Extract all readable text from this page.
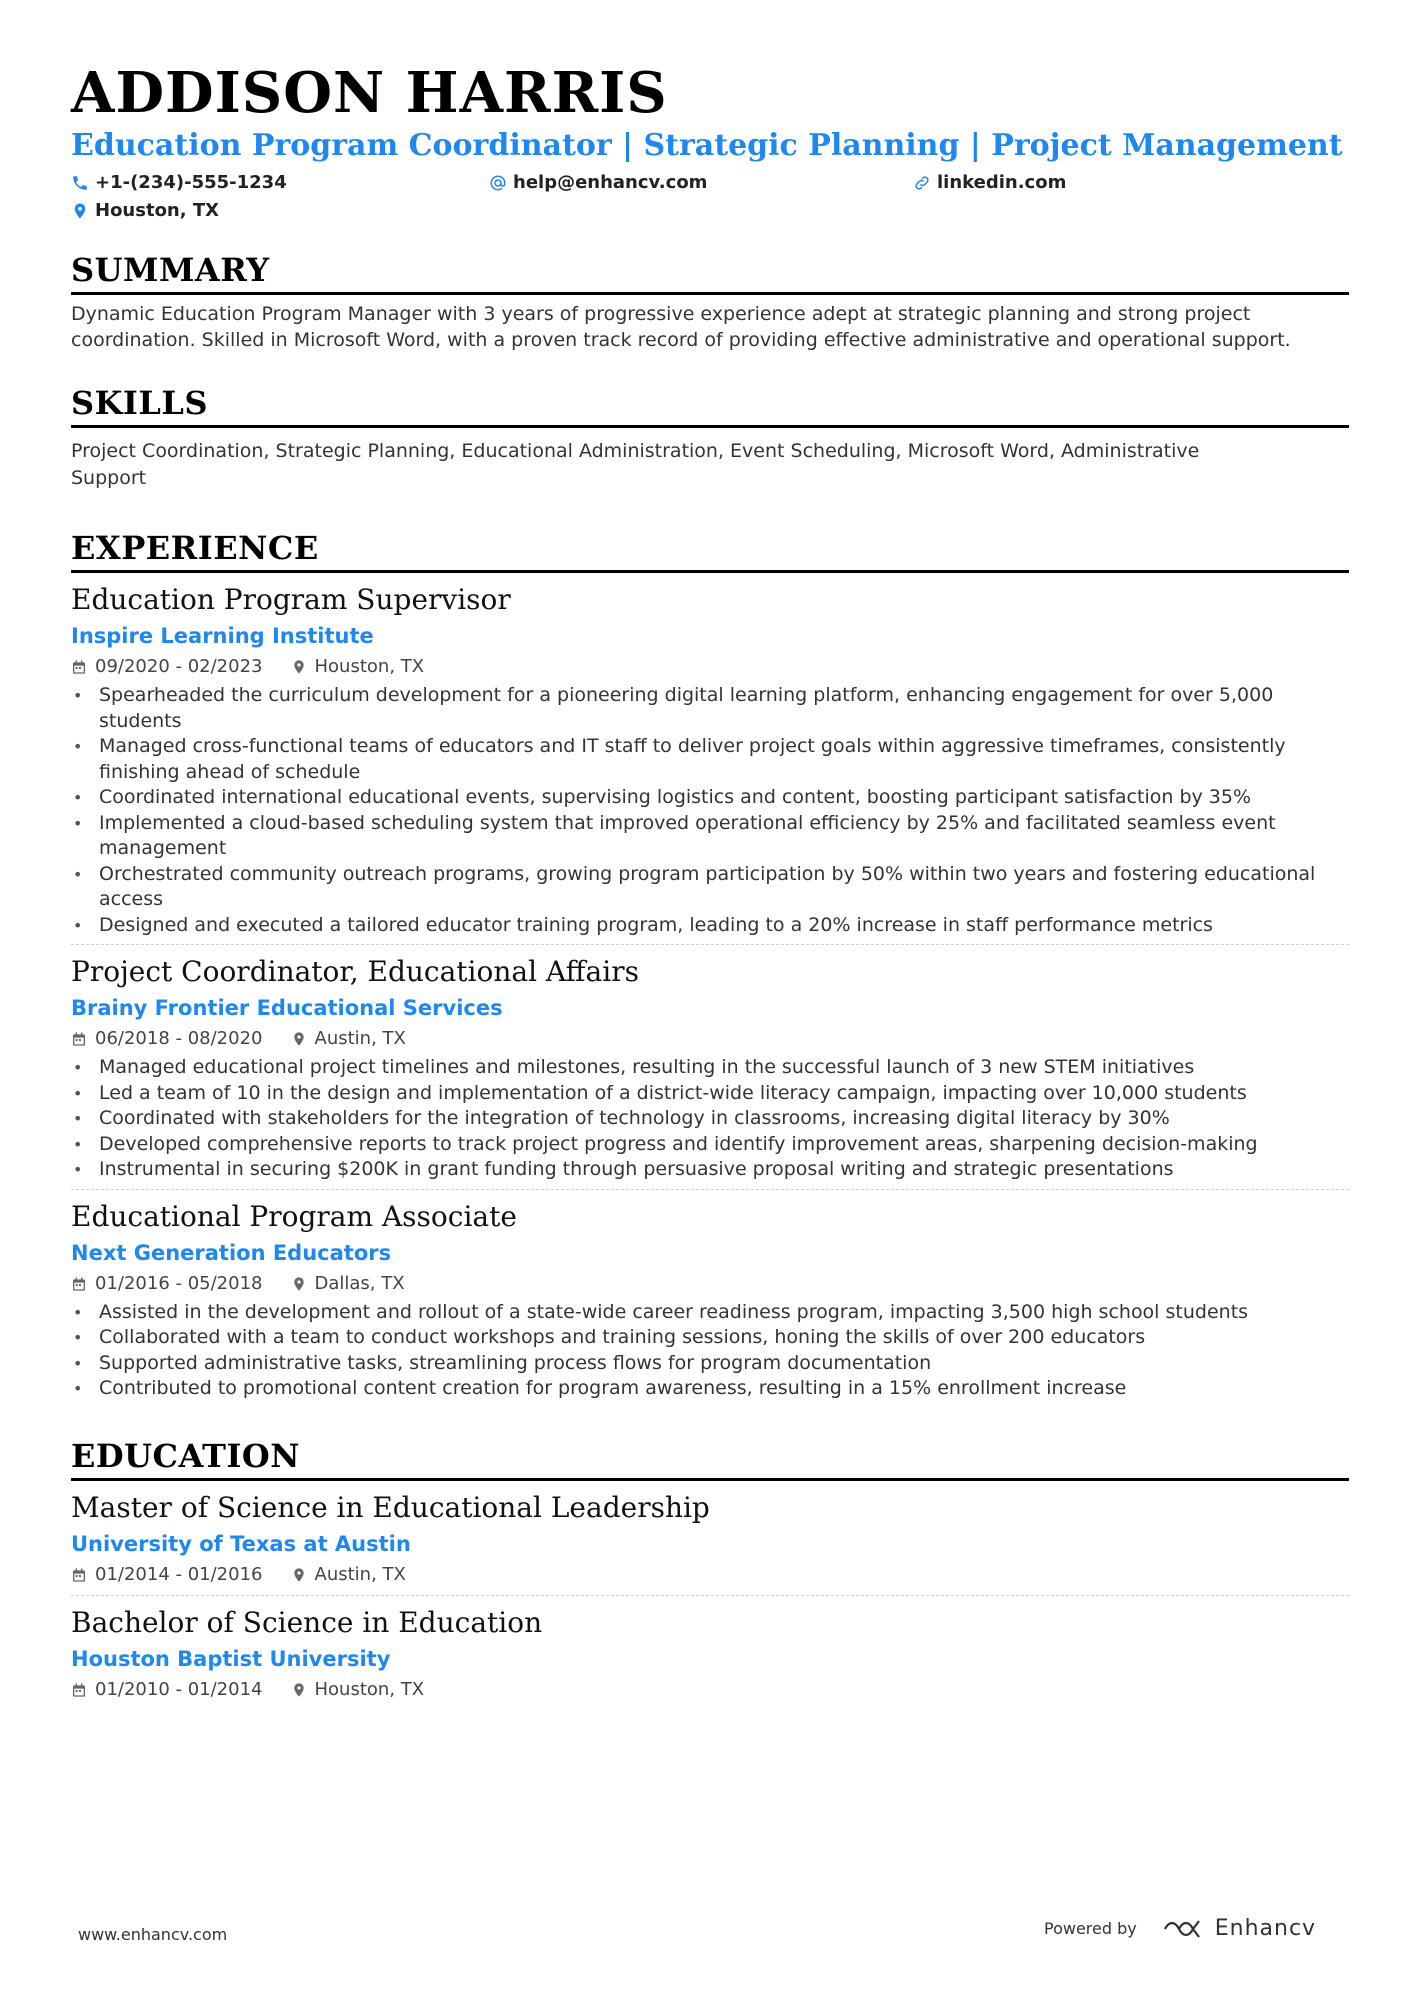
ADDISON HARRIS
Education Program Coordinator | Strategic Planning | Project Management
+1-(234)-555-1234	help@enhancv.com	linkedin.com
Houston, TX
SUMMARY
Dynamic Education Program Manager with 3 years of progressive experience adept at strategic planning and strong project coordination. Skilled in Microsoft Word, with a proven track record of providing effective administrative and operational support.
SKILLS
Project Coordination, Strategic Planning, Educational Administration, Event Scheduling, Microsoft Word, Administrative Support
EXPERIENCE
Education Program Supervisor
Inspire Learning Institute
09/2020 - 02/2023	Houston, TX
• Spearheaded the curriculum development for a pioneering digital learning platform, enhancing engagement for over 5,000 students
• Managed cross-functional teams of educators and IT staff to deliver project goals within aggressive timeframes, consistently finishing ahead of schedule
• Coordinated international educational events, supervising logistics and content, boosting participant satisfaction by 35%
• Implemented a cloud-based scheduling system that improved operational efficiency by 25% and facilitated seamless event management
• Orchestrated community outreach programs, growing program participation by 50% within two years and fostering educational access
• Designed and executed a tailored educator training program, leading to a 20% increase in staff performance metrics
Project Coordinator, Educational Affairs
Brainy Frontier Educational Services
06/2018 - 08/2020	Austin, TX
• Managed educational project timelines and milestones, resulting in the successful launch of 3 new STEM initiatives
• Led a team of 10 in the design and implementation of a district-wide literacy campaign, impacting over 10,000 students
• Coordinated with stakeholders for the integration of technology in classrooms, increasing digital literacy by 30%
• Developed comprehensive reports to track project progress and identify improvement areas, sharpening decision-making
• Instrumental in securing $200K in grant funding through persuasive proposal writing and strategic presentations
Educational Program Associate
Next Generation Educators
01/2016 - 05/2018	Dallas, TX
• Assisted in the development and rollout of a state-wide career readiness program, impacting 3,500 high school students
• Collaborated with a team to conduct workshops and training sessions, honing the skills of over 200 educators
• Supported administrative tasks, streamlining process flows for program documentation
• Contributed to promotional content creation for program awareness, resulting in a 15% enrollment increase
EDUCATION
Master of Science in Educational Leadership
University of Texas at Austin
01/2014 - 01/2016	Austin, TX
Bachelor of Science in Education
Houston Baptist University
01/2010 - 01/2014	Houston, TX
www.enhancv.com	Powered by	Enhancv
